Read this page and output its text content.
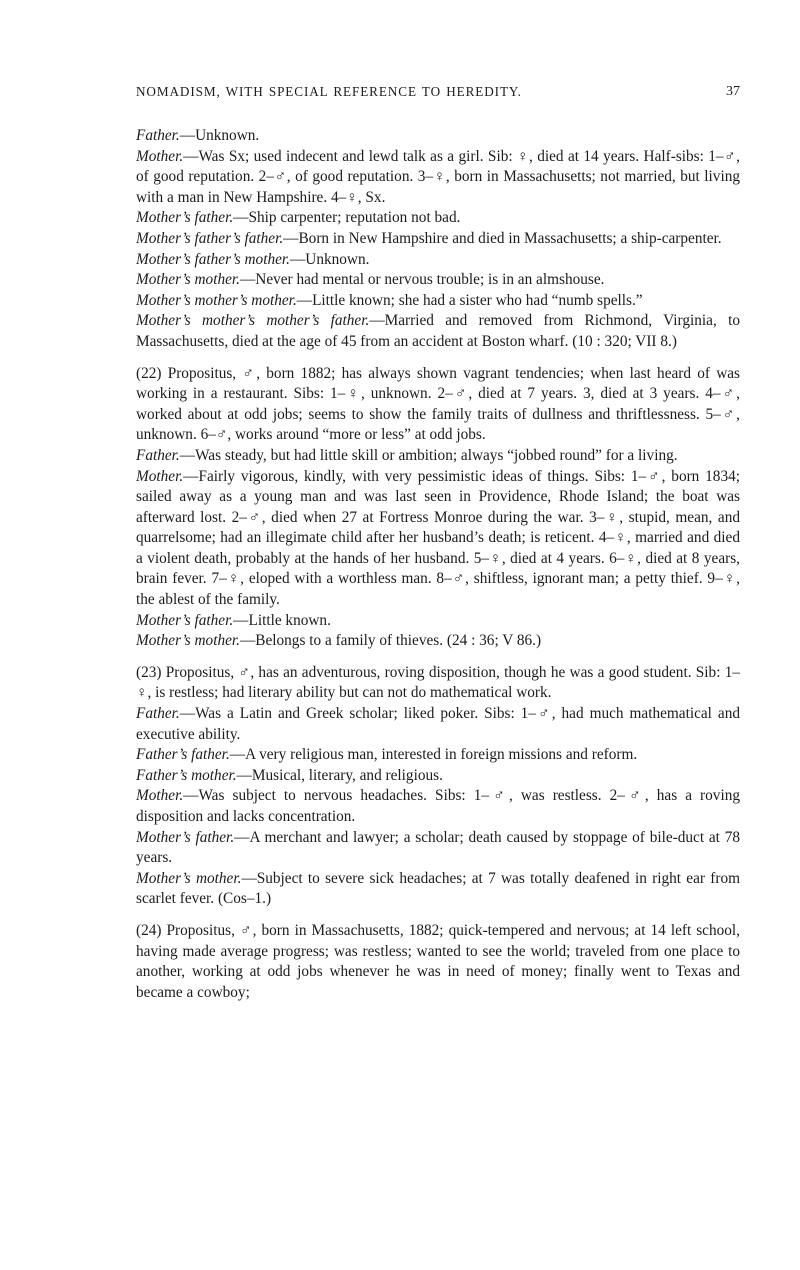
NOMADISM, WITH SPECIAL REFERENCE TO HEREDITY.	37

Father.—Unknown.

Mother.—Was Sx; used indecent and lewd talk as a girl. Sib: ♀, died at 14 years. Half-sibs: 1–♂, of good reputation. 2–♂, of good reputation. 3–♀, born in Massachusetts; not married, but living with a man in New Hampshire. 4–♀, Sx.

Mother’s father.—Ship carpenter; reputation not bad.

Mother’s father’s father.—Born in New Hampshire and died in Massachusetts; a ship-carpenter.

Mother’s father’s mother.—Unknown.

Mother’s mother.—Never had mental or nervous trouble; is in an almshouse.

Mother’s mother’s mother.—Little known; she had a sister who had “numb spells.”

Mother’s mother’s mother’s father.—Married and removed from Richmond, Virginia, to Massachusetts, died at the age of 45 from an accident at Boston wharf. (10 : 320; VII 8.)

(22) Propositus, ♂, born 1882; has always shown vagrant tendencies; when last heard of was working in a restaurant. Sibs: 1–♀, unknown. 2–♂, died at 7 years. 3, died at 3 years. 4–♂, worked about at odd jobs; seems to show the family traits of dullness and thriftlessness. 5–♂, unknown. 6–♂, works around “more or less” at odd jobs.

Father.—Was steady, but had little skill or ambition; always “jobbed round” for a living.

Mother.—Fairly vigorous, kindly, with very pessimistic ideas of things. Sibs: 1–♂, born 1834; sailed away as a young man and was last seen in Providence, Rhode Island; the boat was afterward lost. 2–♂, died when 27 at Fortress Monroe during the war. 3–♀, stupid, mean, and quarrelsome; had an illegimate child after her husband’s death; is reticent. 4–♀, married and died a violent death, probably at the hands of her husband. 5–♀, died at 4 years. 6–♀, died at 8 years, brain fever. 7–♀, eloped with a worthless man. 8–♂, shiftless, ignorant man; a petty thief. 9–♀, the ablest of the family.

Mother’s father.—Little known.

Mother’s mother.—Belongs to a family of thieves. (24 : 36; V 86.)

(23) Propositus, ♂, has an adventurous, roving disposition, though he was a good student. Sib: 1–♀, is restless; had literary ability but can not do mathematical work.

Father.—Was a Latin and Greek scholar; liked poker. Sibs: 1–♂, had much mathematical and executive ability.

Father’s father.—A very religious man, interested in foreign missions and reform.

Father’s mother.—Musical, literary, and religious.

Mother.—Was subject to nervous headaches. Sibs: 1–♂, was restless. 2–♂, has a roving disposition and lacks concentration.

Mother’s father.—A merchant and lawyer; a scholar; death caused by stoppage of bile-duct at 78 years.

Mother’s mother.—Subject to severe sick headaches; at 7 was totally deafened in right ear from scarlet fever. (Cos–1.)

(24) Propositus, ♂, born in Massachusetts, 1882; quick-tempered and nervous; at 14 left school, having made average progress; was restless; wanted to see the world; traveled from one place to another, working at odd jobs whenever he was in need of money; finally went to Texas and became a cowboy;
